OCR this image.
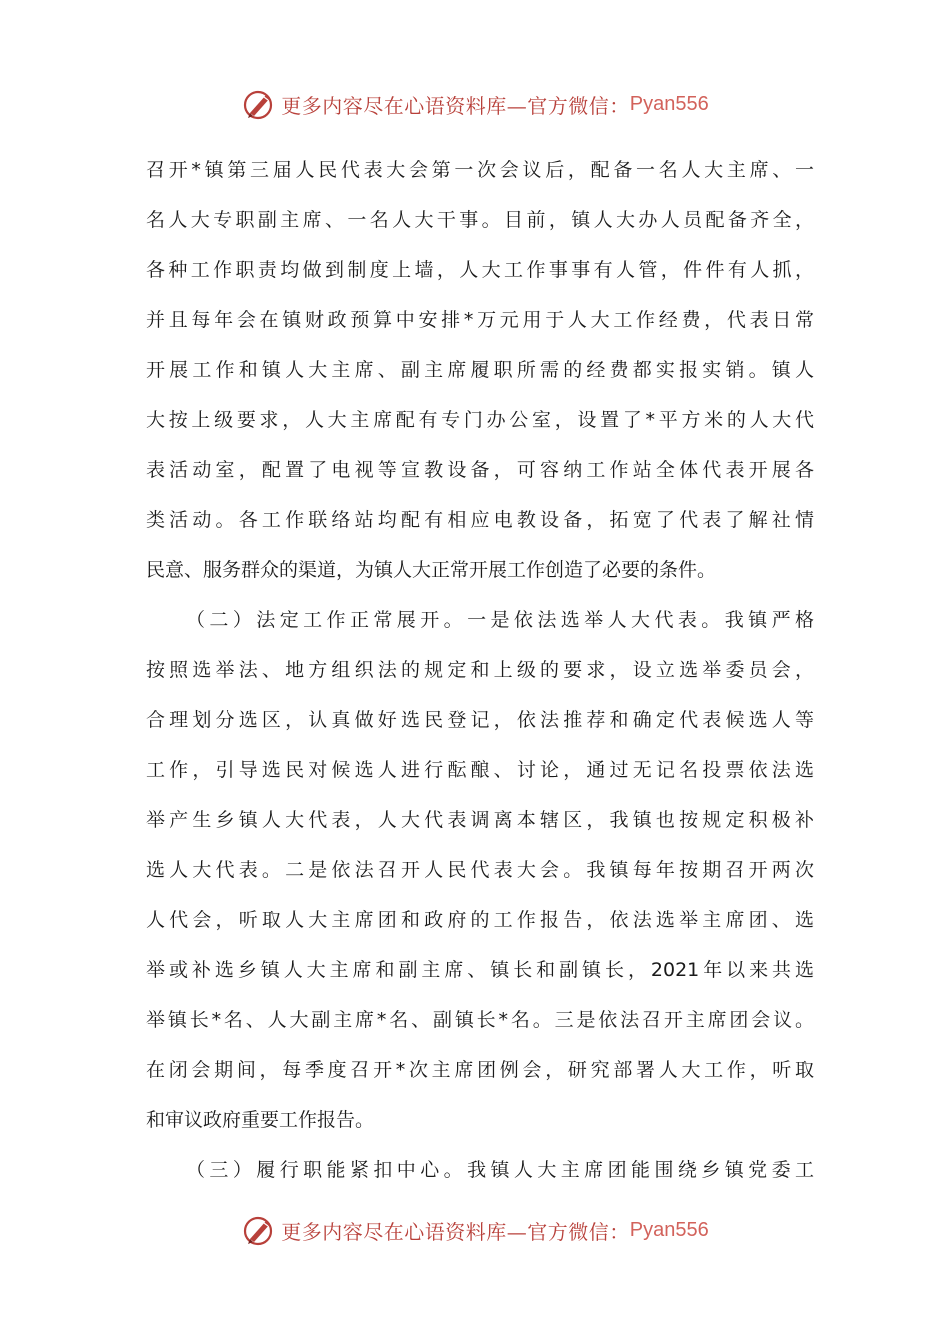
更多内容尽在心语资料库—官方微信： Pyan556
召开*镇第三届人民代表大会第一次会议后，配备一名人大主席、一
名人大专职副主席、一名人大干事。目前，镇人大办人员配备齐全，
各种工作职责均做到制度上墙，人大工作事事有人管，件件有人抓，
并且每年会在镇财政预算中安排*万元用于人大工作经费，代表日常
开展工作和镇人大主席、副主席履职所需的经费都实报实销。镇人
大按上级要求，人大主席配有专门办公室，设置了*平方米的人大代
表活动室，配置了电视等宣教设备，可容纳工作站全体代表开展各
类活动。各工作联络站均配有相应电教设备，拓宽了代表了解社情
民意、服务群众的渠道，为镇人大正常开展工作创造了必要的条件。
（二）法定工作正常展开。一是依法选举人大代表。我镇严格
按照选举法、地方组织法的规定和上级的要求，设立选举委员会，
合理划分选区，认真做好选民登记，依法推荐和确定代表候选人等
工作，引导选民对候选人进行酝酿、讨论，通过无记名投票依法选
举产生乡镇人大代表，人大代表调离本辖区，我镇也按规定积极补
选人大代表。二是依法召开人民代表大会。我镇每年按期召开两次
人代会，听取人大主席团和政府的工作报告，依法选举主席团、选
举或补选乡镇人大主席和副主席、镇长和副镇长，2021年以来共选
举镇长*名、人大副主席*名、副镇长*名。三是依法召开主席团会议。
在闭会期间，每季度召开*次主席团例会，研究部署人大工作，听取
和审议政府重要工作报告。
（三）履行职能紧扣中心。我镇人大主席团能围绕乡镇党委工
更多内容尽在心语资料库—官方微信： Pyan556
